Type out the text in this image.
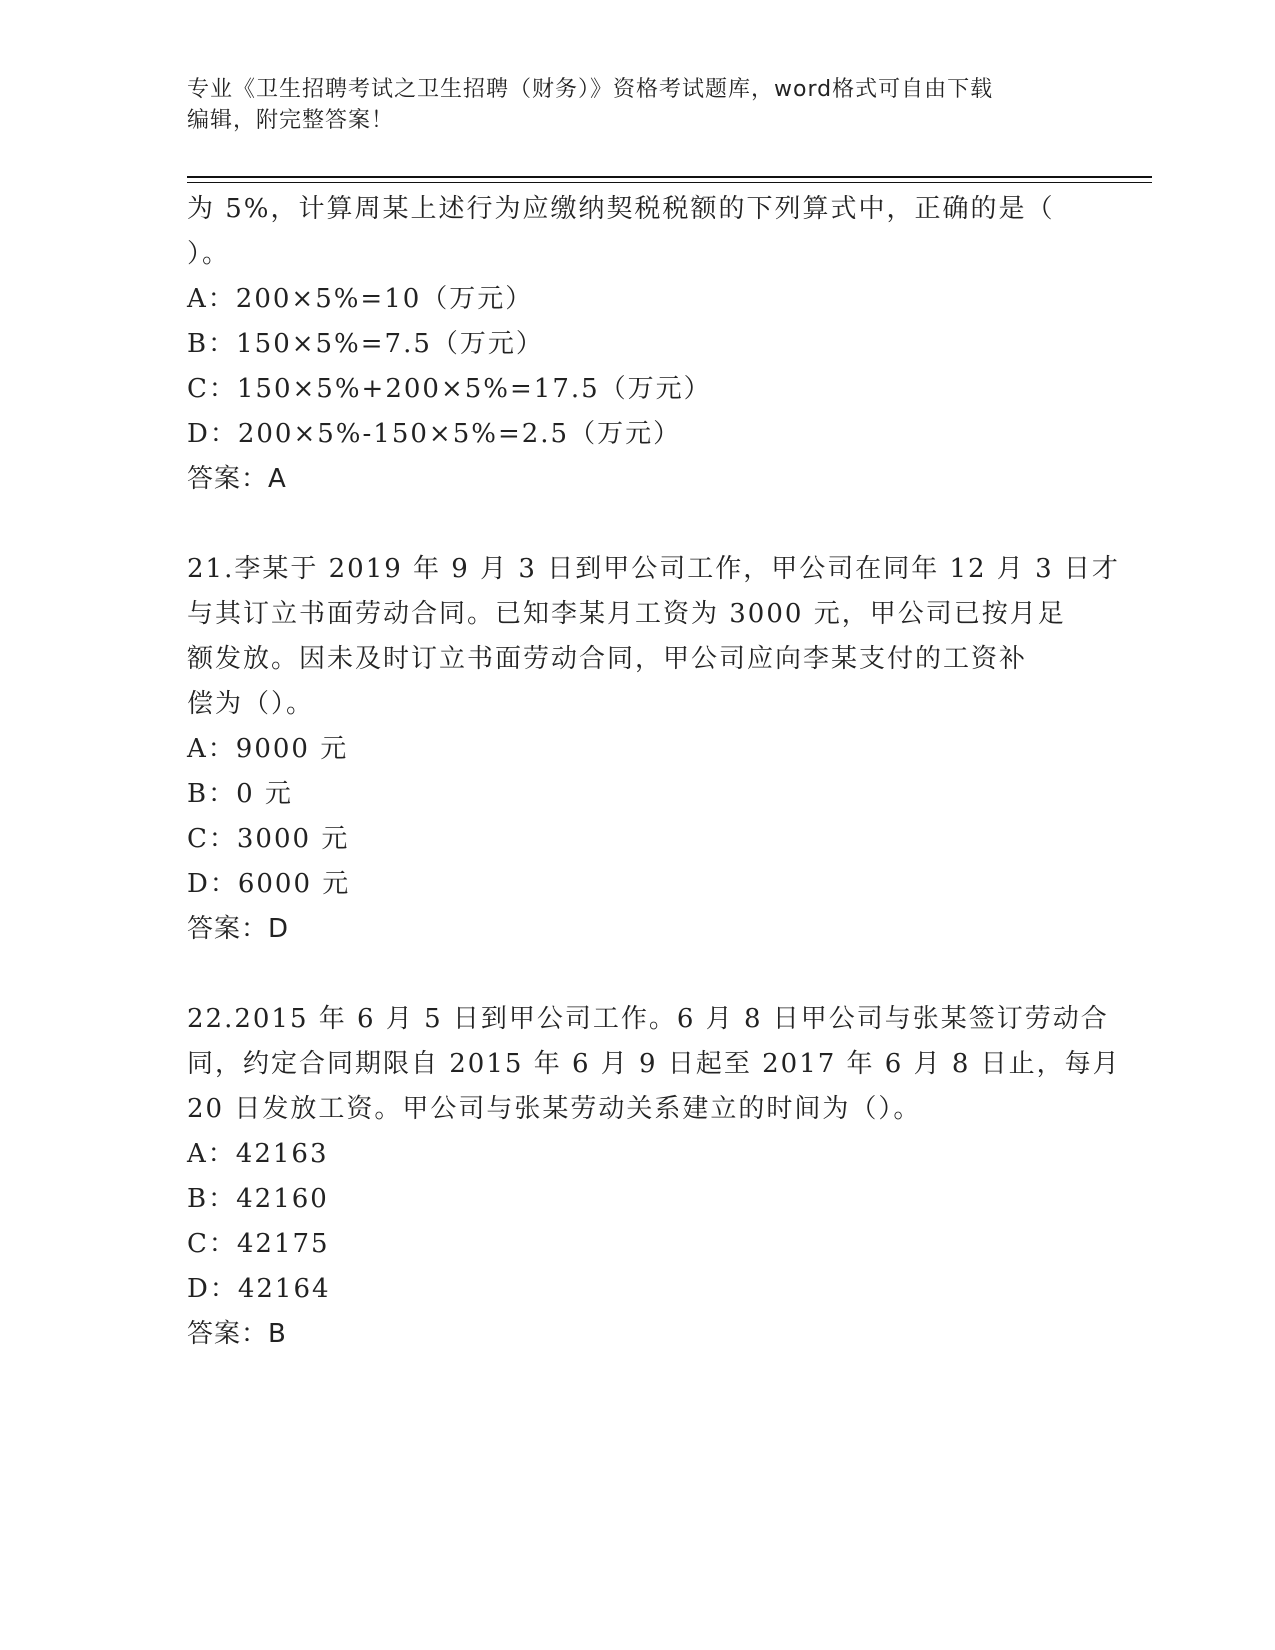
专业《卫生招聘考试之卫生招聘（财务）》资格考试题库，word格式可自由下载
编辑，附完整答案！
为 5%，计算周某上述行为应缴纳契税税额的下列算式中，正确的是（
）。
A：200×5%=10（万元）
B：150×5%=7.5（万元）
C：150×5%+200×5%=17.5（万元）
D：200×5%-150×5%=2.5（万元）
答案：A
21.李某于 2019 年 9 月 3 日到甲公司工作，甲公司在同年 12 月 3 日才
与其订立书面劳动合同。已知李某月工资为 3000 元，甲公司已按月足
额发放。因未及时订立书面劳动合同，甲公司应向李某支付的工资补
偿为（）。
A：9000 元
B：0 元
C：3000 元
D：6000 元
答案：D
22.2015 年 6 月 5 日到甲公司工作。6 月 8 日甲公司与张某签订劳动合
同，约定合同期限自 2015 年 6 月 9 日起至 2017 年 6 月 8 日止，每月
20 日发放工资。甲公司与张某劳动关系建立的时间为（）。
A：42163
B：42160
C：42175
D：42164
答案：B
